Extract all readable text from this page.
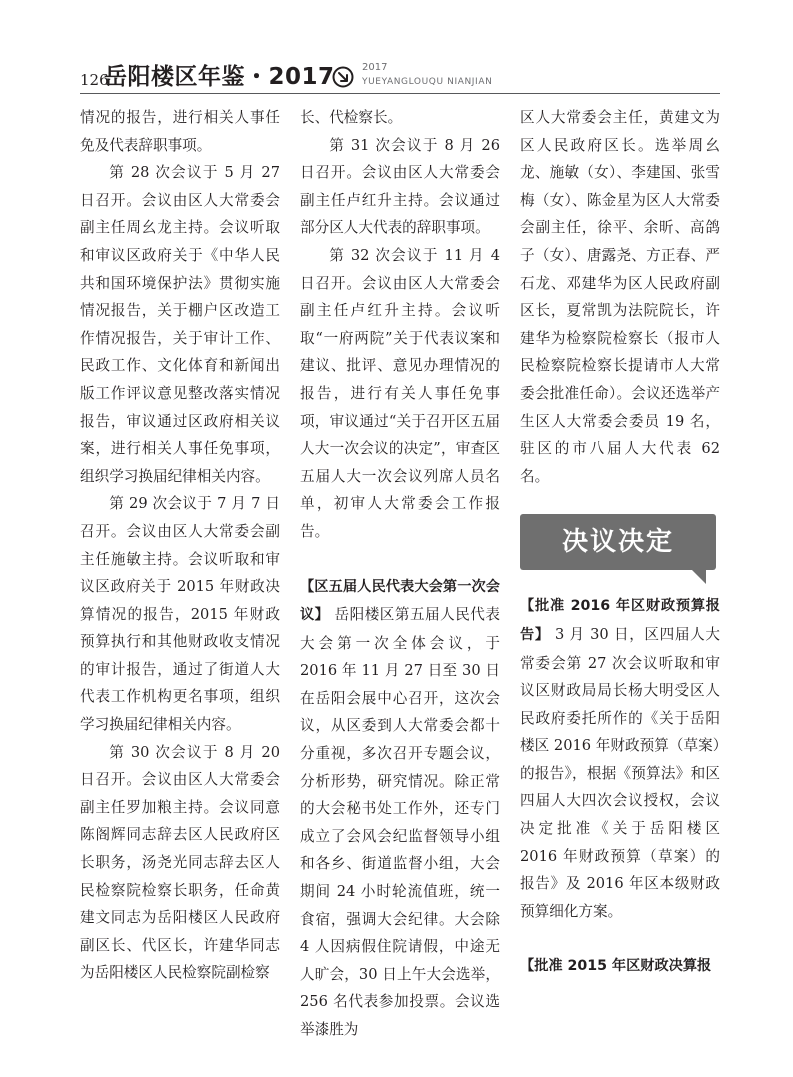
126
岳阳楼区年鉴・2017	2017
YUEYANGLOUQU NIANJIAN

情况的报告，进行相关人事任免及代表辞职事项。

第 28 次会议于 5 月 27 日召开。会议由区人大常委会副主任周幺龙主持。会议听取和审议区政府关于《中华人民共和国环境保护法》贯彻实施情况报告，关于棚户区改造工作情况报告，关于审计工作、民政工作、文化体育和新闻出版工作评议意见整改落实情况报告，审议通过区政府相关议案，进行相关人事任免事项，组织学习换届纪律相关内容。

第 29 次会议于 7 月 7 日召开。会议由区人大常委会副主任施敏主持。会议听取和审议区政府关于 2015 年财政决算情况的报告，2015 年财政预算执行和其他财政收支情况的审计报告，通过了街道人大代表工作机构更名事项，组织学习换届纪律相关内容。

第 30 次会议于 8 月 20 日召开。会议由区人大常委会副主任罗加粮主持。会议同意陈阁辉同志辞去区人民政府区长职务，汤尧光同志辞去区人民检察院检察长职务，任命黄建文同志为岳阳楼区人民政府副区长、代区长，许建华同志为岳阳楼区人民检察院副检察

长、代检察长。

第 31 次会议于 8 月 26 日召开。会议由区人大常委会副主任卢红升主持。会议通过部分区人大代表的辞职事项。

第 32 次会议于 11 月 4 日召开。会议由区人大常委会副主任卢红升主持。会议听取“一府两院”关于代表议案和建议、批评、意见办理情况的报告，进行有关人事任免事项，审议通过“关于召开区五届人大一次会议的决定”，审查区五届人大一次会议列席人员名单，初审人大常委会工作报告。

【区五届人民代表大会第一次会议】 岳阳楼区第五届人民代表大会第一次全体会议，于 2016 年 11 月 27 日至 30 日在岳阳会展中心召开，这次会议，从区委到人大常委会都十分重视，多次召开专题会议，分析形势，研究情况。除正常的大会秘书处工作外，还专门成立了会风会纪监督领导小组和各乡、街道监督小组，大会期间 24 小时轮流值班，统一食宿，强调大会纪律。大会除 4 人因病假住院请假，中途无人旷会，30 日上午大会选举，256 名代表参加投票。会议选举漆胜为

区人大常委会主任，黄建文为区人民政府区长。选举周幺龙、施敏（女）、李建国、张雪梅（女）、陈金星为区人大常委会副主任，徐平、余昕、高鸽子（女）、唐露尧、方正春、严石龙、邓建华为区人民政府副区长，夏常凯为法院院长，许建华为检察院检察长（报市人民检察院检察长提请市人大常委会批准任命）。会议还选举产生区人大常委会委员 19 名，驻区的市八届人大代表 62 名。

决议决定

【批准 2016 年区财政预算报告】 3 月 30 日，区四届人大常委会第 27 次会议听取和审议区财政局局长杨大明受区人民政府委托所作的《关于岳阳楼区 2016 年财政预算（草案）的报告》，根据《预算法》和区四届人大四次会议授权，会议决定批准《关于岳阳楼区 2016 年财政预算（草案）的报告》及 2016 年区本级财政预算细化方案。

【批准 2015 年区财政决算报
